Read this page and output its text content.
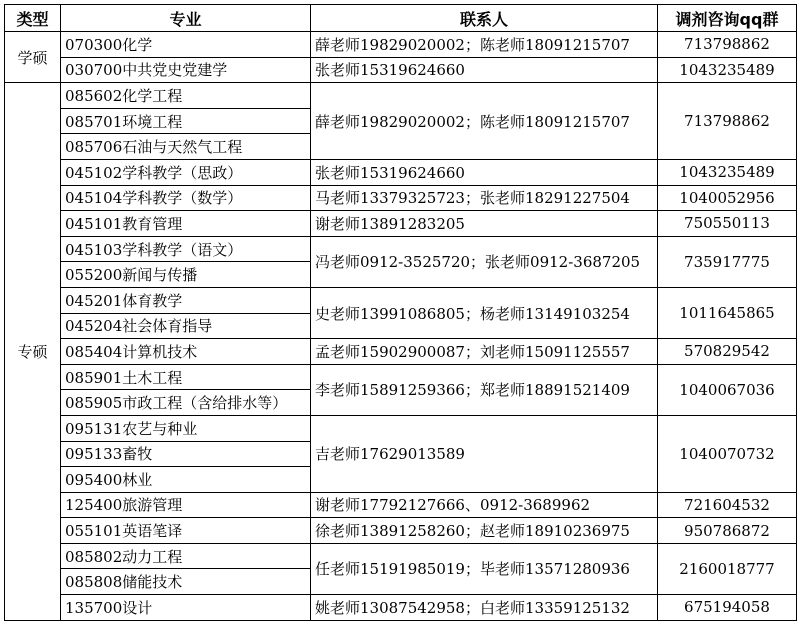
类型	专业	联系人	调剂咨询qq群
学硕	070300化学	薛老师19829020002；陈老师18091215707	713798862
	030700中共党史党建学	张老师15319624660	1043235489
专硕	085602化学工程	薛老师19829020002；陈老师18091215707	713798862
	085701环境工程		
	085706石油与天然气工程		
	045102学科教学（思政）	张老师15319624660	1043235489
	045104学科教学（数学）	马老师13379325723；张老师18291227504	1040052956
	045101教育管理	谢老师13891283205	750550113
	045103学科教学（语文）	冯老师0912-3525720；张老师0912-3687205	735917775
	055200新闻与传播		
	045201体育教学	史老师13991086805；杨老师13149103254	1011645865
	045204社会体育指导		
	085404计算机技术	孟老师15902900087；刘老师15091125557	570829542
	085901土木工程	李老师15891259366；郑老师18891521409	1040067036
	085905市政工程（含给排水等）		
	095131农艺与种业	吉老师17629013589	1040070732
	095133畜牧		
	095400林业		
	125400旅游管理	谢老师17792127666、0912-3689962	721604532
	055101英语笔译	徐老师13891258260；赵老师18910236975	950786872
	085802动力工程	任老师15191985019；毕老师13571280936	2160018777
	085808储能技术		
	135700设计	姚老师13087542958；白老师13359125132	675194058
